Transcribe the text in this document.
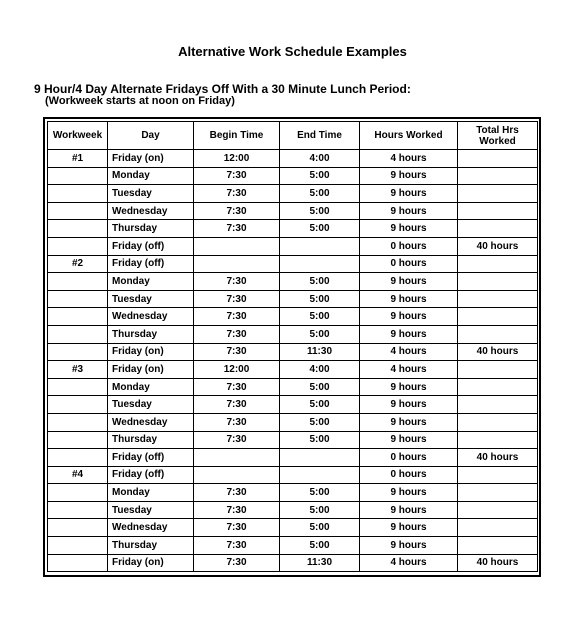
Alternative Work Schedule Examples
9 Hour/4 Day Alternate Fridays Off With a 30 Minute Lunch Period:
(Workweek starts at noon on Friday)
Workweek	Day	Begin Time	End Time	Hours Worked	Total Hrs Worked
#1	Friday (on)	12:00	4:00	4 hours	
	Monday	7:30	5:00	9 hours	
	Tuesday	7:30	5:00	9 hours	
	Wednesday	7:30	5:00	9 hours	
	Thursday	7:30	5:00	9 hours	
	Friday (off)			0 hours	40 hours
#2	Friday (off)			0 hours	
	Monday	7:30	5:00	9 hours	
	Tuesday	7:30	5:00	9 hours	
	Wednesday	7:30	5:00	9 hours	
	Thursday	7:30	5:00	9 hours	
	Friday (on)	7:30	11:30	4 hours	40 hours
#3	Friday (on)	12:00	4:00	4 hours	
	Monday	7:30	5:00	9 hours	
	Tuesday	7:30	5:00	9 hours	
	Wednesday	7:30	5:00	9 hours	
	Thursday	7:30	5:00	9 hours	
	Friday (off)			0 hours	40 hours
#4	Friday (off)			0 hours	
	Monday	7:30	5:00	9 hours	
	Tuesday	7:30	5:00	9 hours	
	Wednesday	7:30	5:00	9 hours	
	Thursday	7:30	5:00	9 hours	
	Friday (on)	7:30	11:30	4 hours	40 hours
